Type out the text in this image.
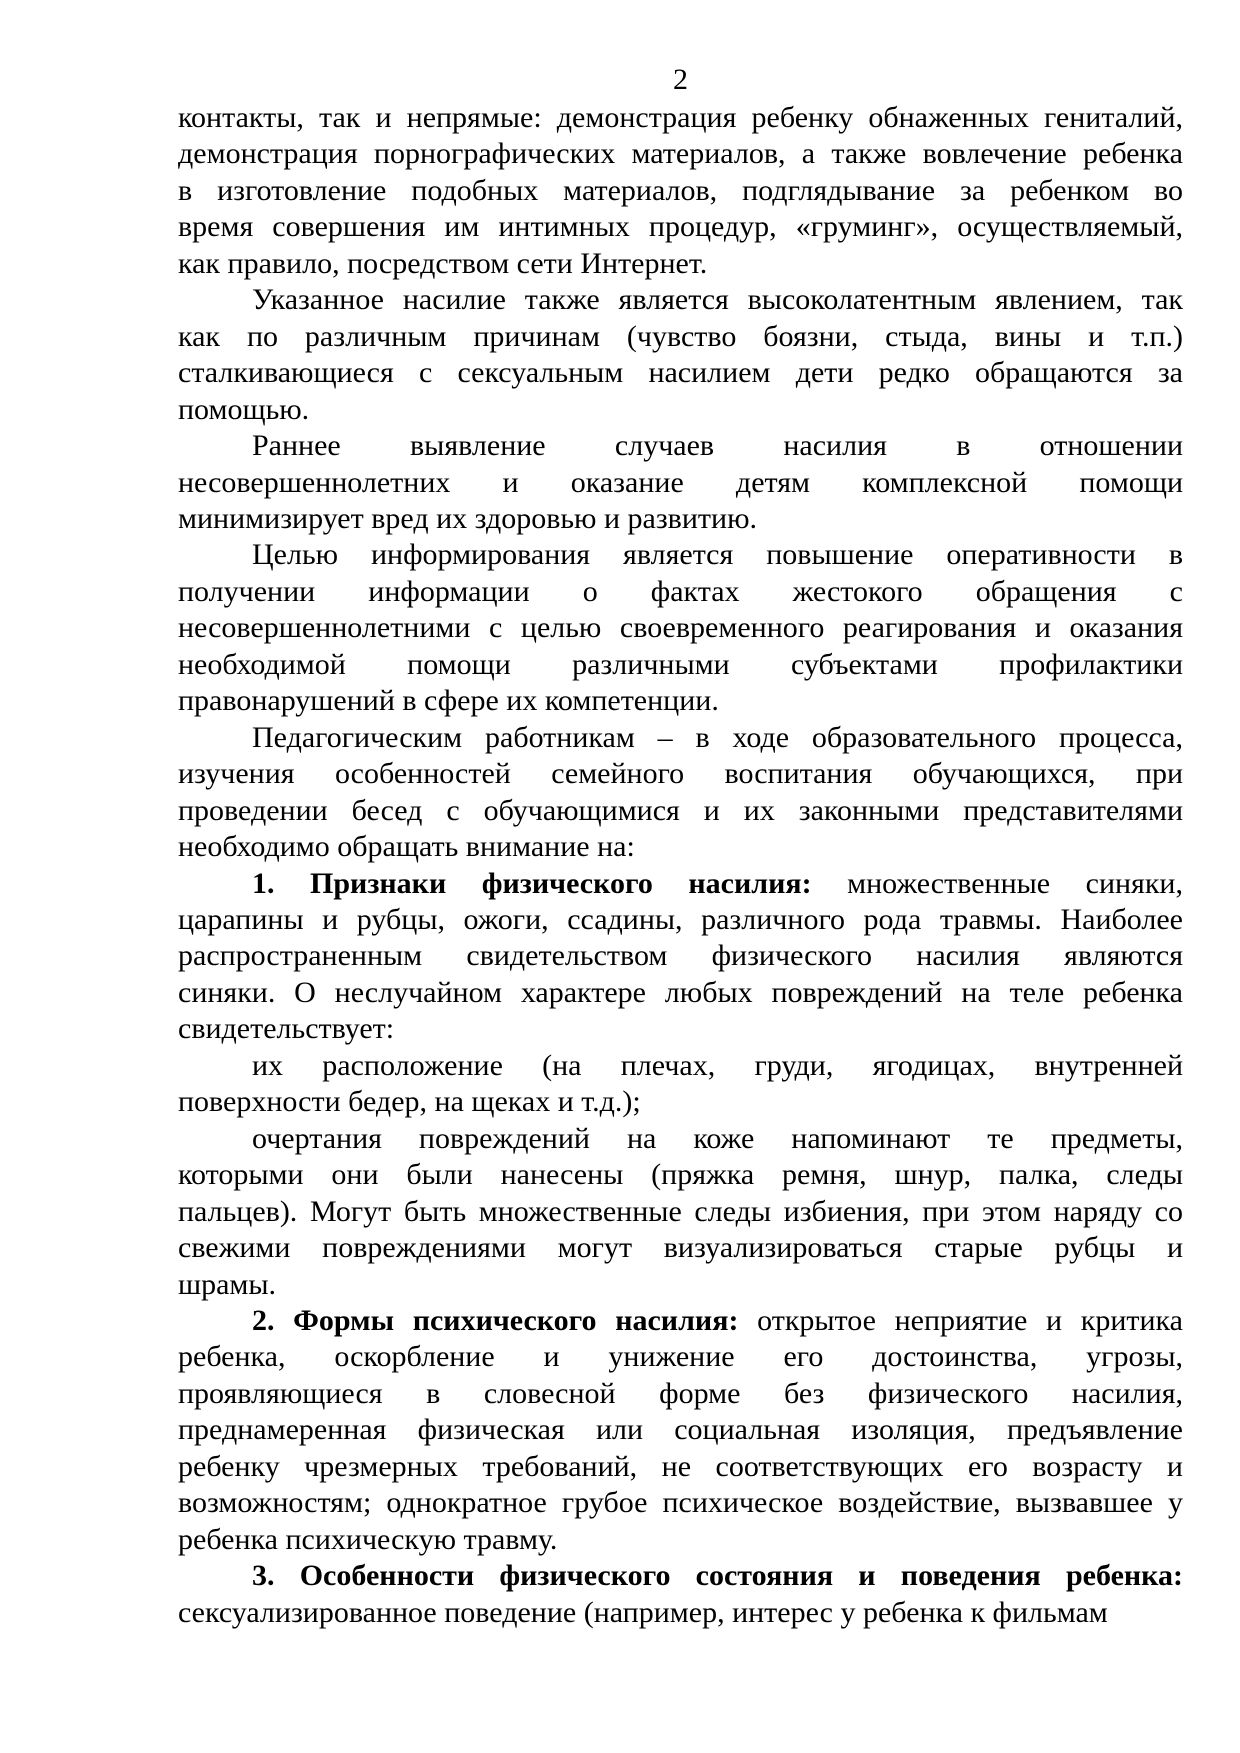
2
контакты, так и непрямые: демонстрация ребенку обнаженных гениталий,
демонстрация порнографических материалов, а также вовлечение ребенка
в изготовление подобных материалов, подглядывание за ребенком во
время совершения им интимных процедур, «груминг», осуществляемый,
как правило, посредством сети Интернет.
Указанное насилие также является высоколатентным явлением, так
как по различным причинам (чувство боязни, стыда, вины и т.п.)
сталкивающиеся с сексуальным насилием дети редко обращаются за
помощью.
Раннее выявление случаев насилия в отношении
несовершеннолетних и оказание детям комплексной помощи
минимизирует вред их здоровью и развитию.
Целью информирования является повышение оперативности в
получении информации о фактах жестокого обращения с
несовершеннолетними с целью своевременного реагирования и оказания
необходимой помощи различными субъектами профилактики
правонарушений в сфере их компетенции.
Педагогическим работникам – в ходе образовательного процесса,
изучения особенностей семейного воспитания обучающихся, при
проведении бесед с обучающимися и их законными представителями
необходимо обращать внимание на:
1. Признаки физического насилия: множественные синяки,
царапины и рубцы, ожоги, ссадины, различного рода травмы. Наиболее
распространенным свидетельством физического насилия являются
синяки. О неслучайном характере любых повреждений на теле ребенка
свидетельствует:
их расположение (на плечах, груди, ягодицах, внутренней
поверхности бедер, на щеках и т.д.);
очертания повреждений на коже напоминают те предметы,
которыми они были нанесены (пряжка ремня, шнур, палка, следы
пальцев). Могут быть множественные следы избиения, при этом наряду со
свежими повреждениями могут визуализироваться старые рубцы и
шрамы.
2. Формы психического насилия: открытое неприятие и критика
ребенка, оскорбление и унижение его достоинства, угрозы,
проявляющиеся в словесной форме без физического насилия,
преднамеренная физическая или социальная изоляция, предъявление
ребенку чрезмерных требований, не соответствующих его возрасту и
возможностям; однократное грубое психическое воздействие, вызвавшее у
ребенка психическую травму.
3. Особенности физического состояния и поведения ребенка:
сексуализированное поведение (например, интерес у ребенка к фильмам
